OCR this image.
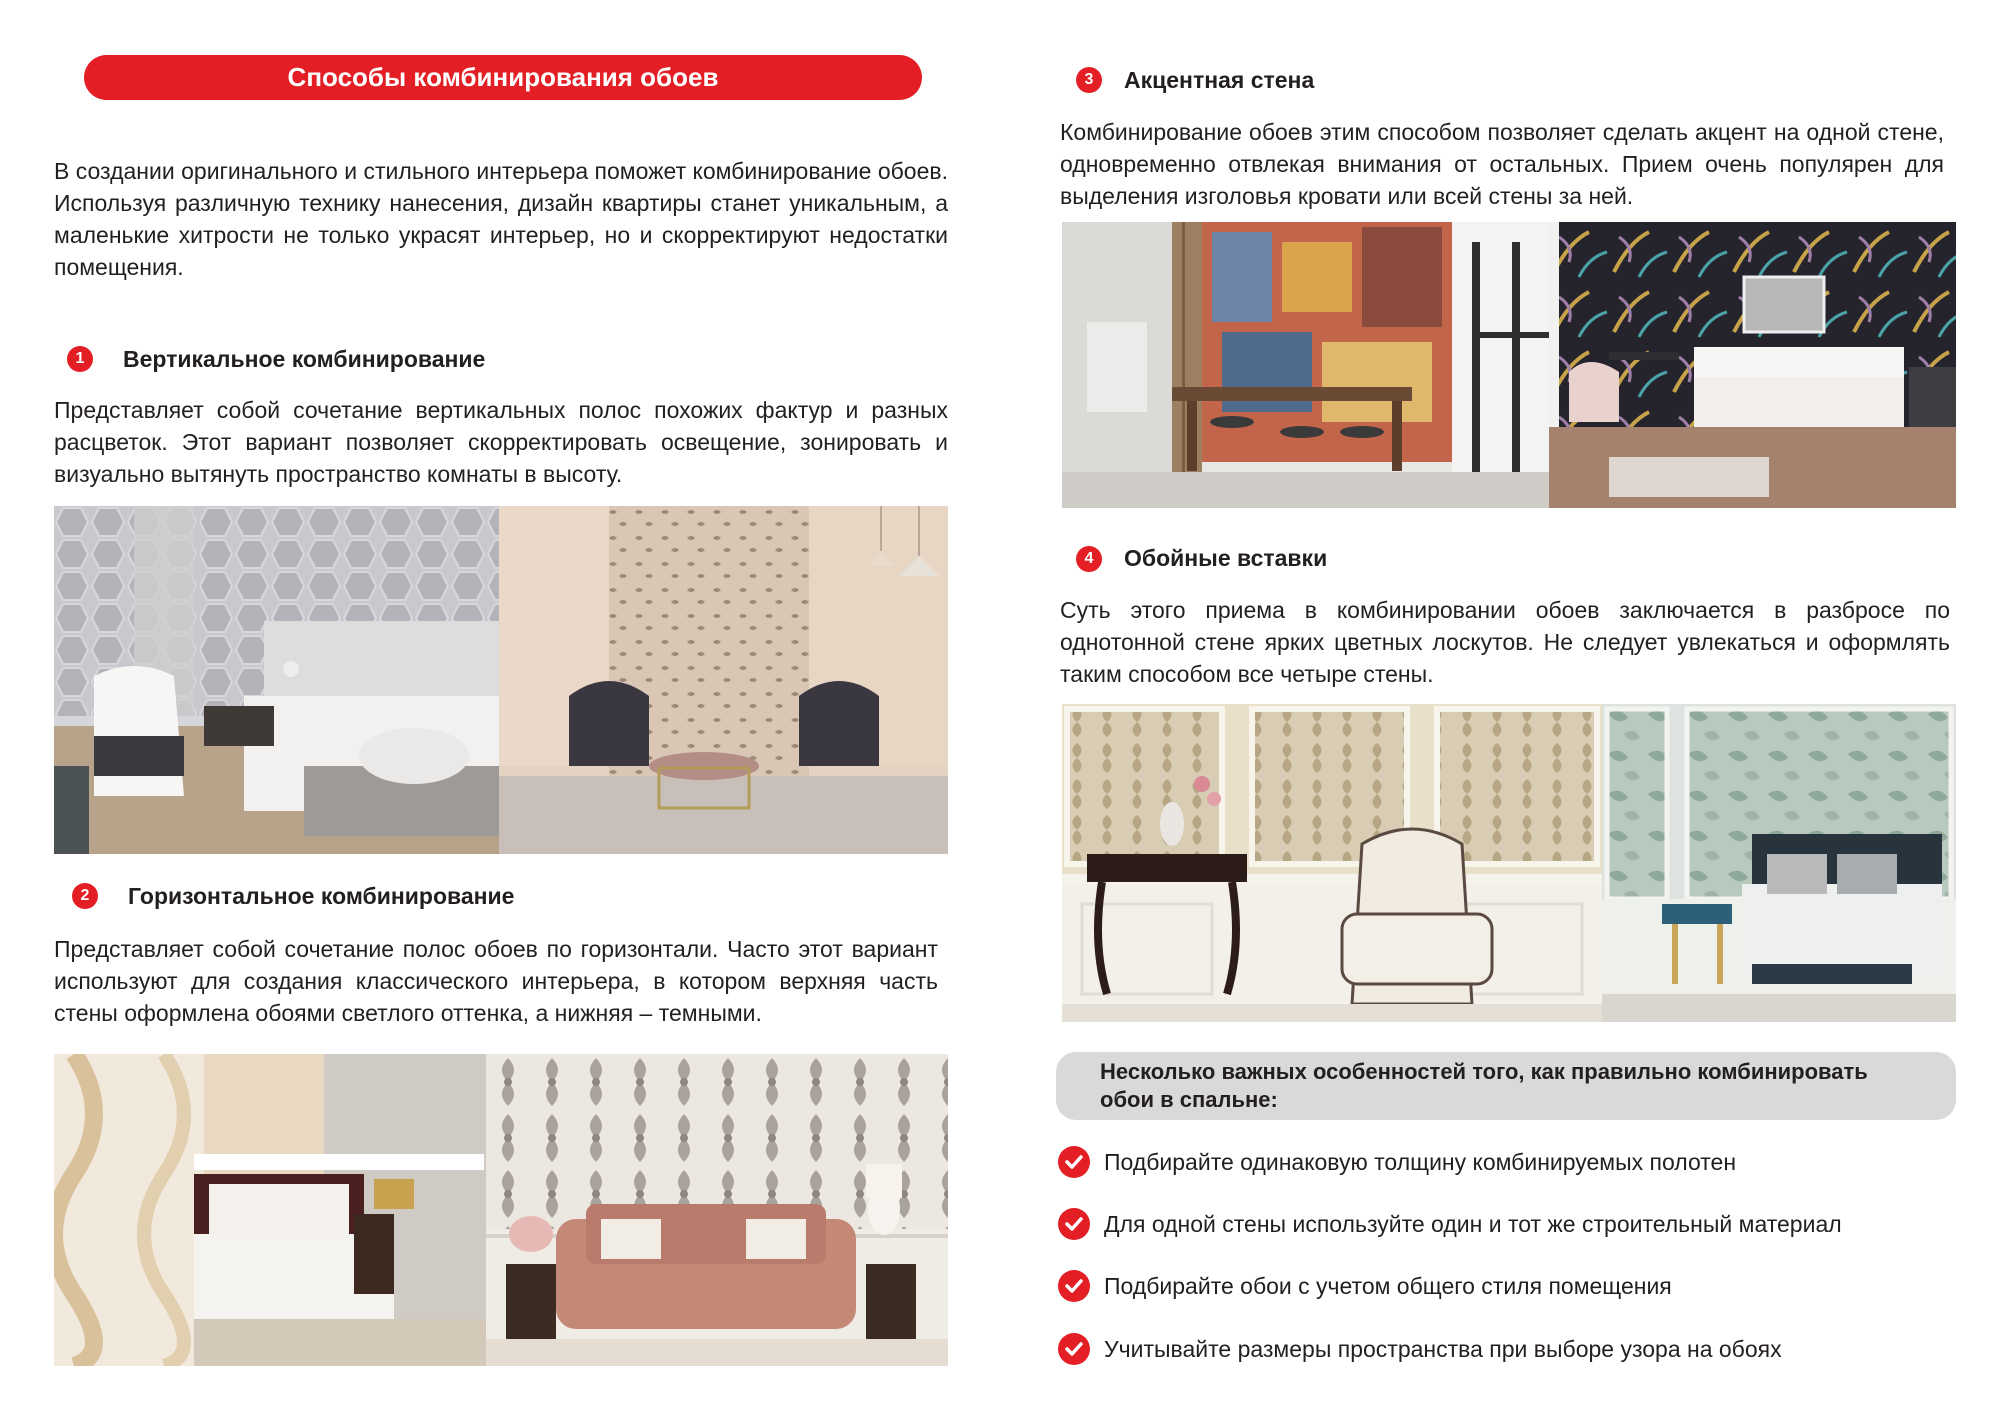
Способы комбинирования обоев

В создании оригинального и стильного интерьера поможет комбинирование обоев. Используя различную технику нанесения, дизайн квартиры станет уникальным, а маленькие хитрости не только украсят интерьер, но и скорректируют недостатки помещения.

1	Вертикальное комбинирование

Представляет собой сочетание вертикальных полос похожих фактур и разных расцветок. Этот вариант позволяет скорректировать освещение, зонировать и визуально вытянуть пространство комнаты в высоту.

2	Горизонтальное комбинирование

Представляет собой сочетание полос обоев по горизонтали. Часто этот вариант используют для создания классического интерьера, в котором верхняя часть стены оформлена обоями светлого оттенка, а нижняя – темными.

3	Акцентная стена

Комбинирование обоев этим способом позволяет сделать акцент на одной стене, одновременно отвлекая внимания от остальных. Прием очень популярен для выделения изголовья кровати или всей стены за ней.

4	Обойные вставки

Суть этого приема в комбинировании обоев заключается в разбросе по однотонной стене ярких цветных лоскутов. Не следует увлекаться и оформлять таким способом все четыре стены.

Несколько важных особенностей того, как правильно комбинировать обои в спальне:
Подбирайте одинаковую толщину комбинируемых полотен
Для одной стены используйте один и тот же строительный материал
Подбирайте обои с учетом общего стиля помещения
Учитывайте размеры пространства при выборе узора на обоях
